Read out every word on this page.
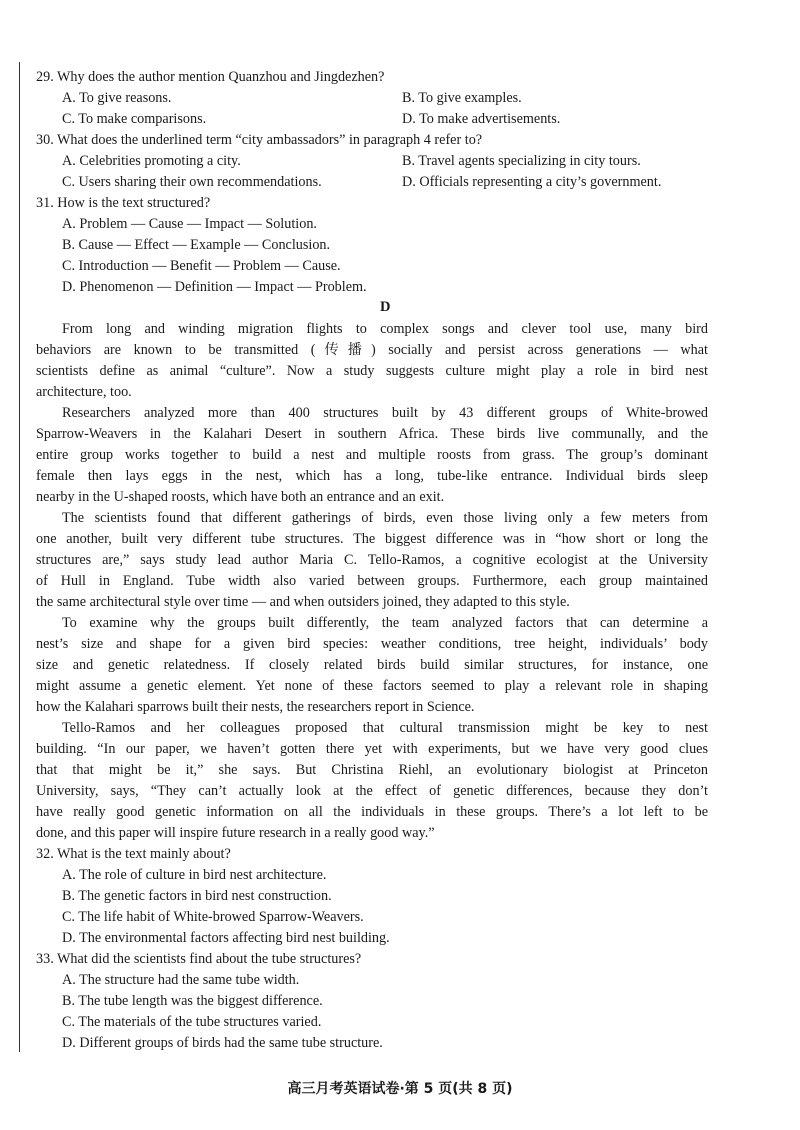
29. Why does the author mention Quanzhou and Jingdezhen?
A. To give reasons.	B. To give examples.
C. To make comparisons.	D. To make advertisements.
30. What does the underlined term “city ambassadors” in paragraph 4 refer to?
A. Celebrities promoting a city.	B. Travel agents specializing in city tours.
C. Users sharing their own recommendations.	D. Officials representing a city’s government.
31. How is the text structured?
A. Problem — Cause — Impact — Solution.
B. Cause — Effect — Example — Conclusion.
C. Introduction — Benefit — Problem — Cause.
D. Phenomenon — Definition — Impact — Problem.
D
From long and winding migration flights to complex songs and clever tool use, many bird
behaviors are known to be transmitted (传播) socially and persist across generations — what
scientists define as animal “culture”. Now a study suggests culture might play a role in bird nest
architecture, too.
Researchers analyzed more than 400 structures built by 43 different groups of White-browed
Sparrow-Weavers in the Kalahari Desert in southern Africa. These birds live communally, and the
entire group works together to build a nest and multiple roosts from grass. The group’s dominant
female then lays eggs in the nest, which has a long, tube-like entrance. Individual birds sleep
nearby in the U-shaped roosts, which have both an entrance and an exit.
The scientists found that different gatherings of birds, even those living only a few meters from
one another, built very different tube structures. The biggest difference was in “how short or long the
structures are,” says study lead author Maria C. Tello-Ramos, a cognitive ecologist at the University
of Hull in England. Tube width also varied between groups. Furthermore, each group maintained
the same architectural style over time — and when outsiders joined, they adapted to this style.
To examine why the groups built differently, the team analyzed factors that can determine a
nest’s size and shape for a given bird species: weather conditions, tree height, individuals’ body
size and genetic relatedness. If closely related birds build similar structures, for instance, one
might assume a genetic element. Yet none of these factors seemed to play a relevant role in shaping
how the Kalahari sparrows built their nests, the researchers report in Science.
Tello-Ramos and her colleagues proposed that cultural transmission might be key to nest
building. “In our paper, we haven’t gotten there yet with experiments, but we have very good clues
that that might be it,” she says. But Christina Riehl, an evolutionary biologist at Princeton
University, says, “They can’t actually look at the effect of genetic differences, because they don’t
have really good genetic information on all the individuals in these groups. There’s a lot left to be
done, and this paper will inspire future research in a really good way.”
32. What is the text mainly about?
A. The role of culture in bird nest architecture.
B. The genetic factors in bird nest construction.
C. The life habit of White-browed Sparrow-Weavers.
D. The environmental factors affecting bird nest building.
33. What did the scientists find about the tube structures?
A. The structure had the same tube width.
B. The tube length was the biggest difference.
C. The materials of the tube structures varied.
D. Different groups of birds had the same tube structure.
高三月考英语试卷·第 5 页(共 8 页)
